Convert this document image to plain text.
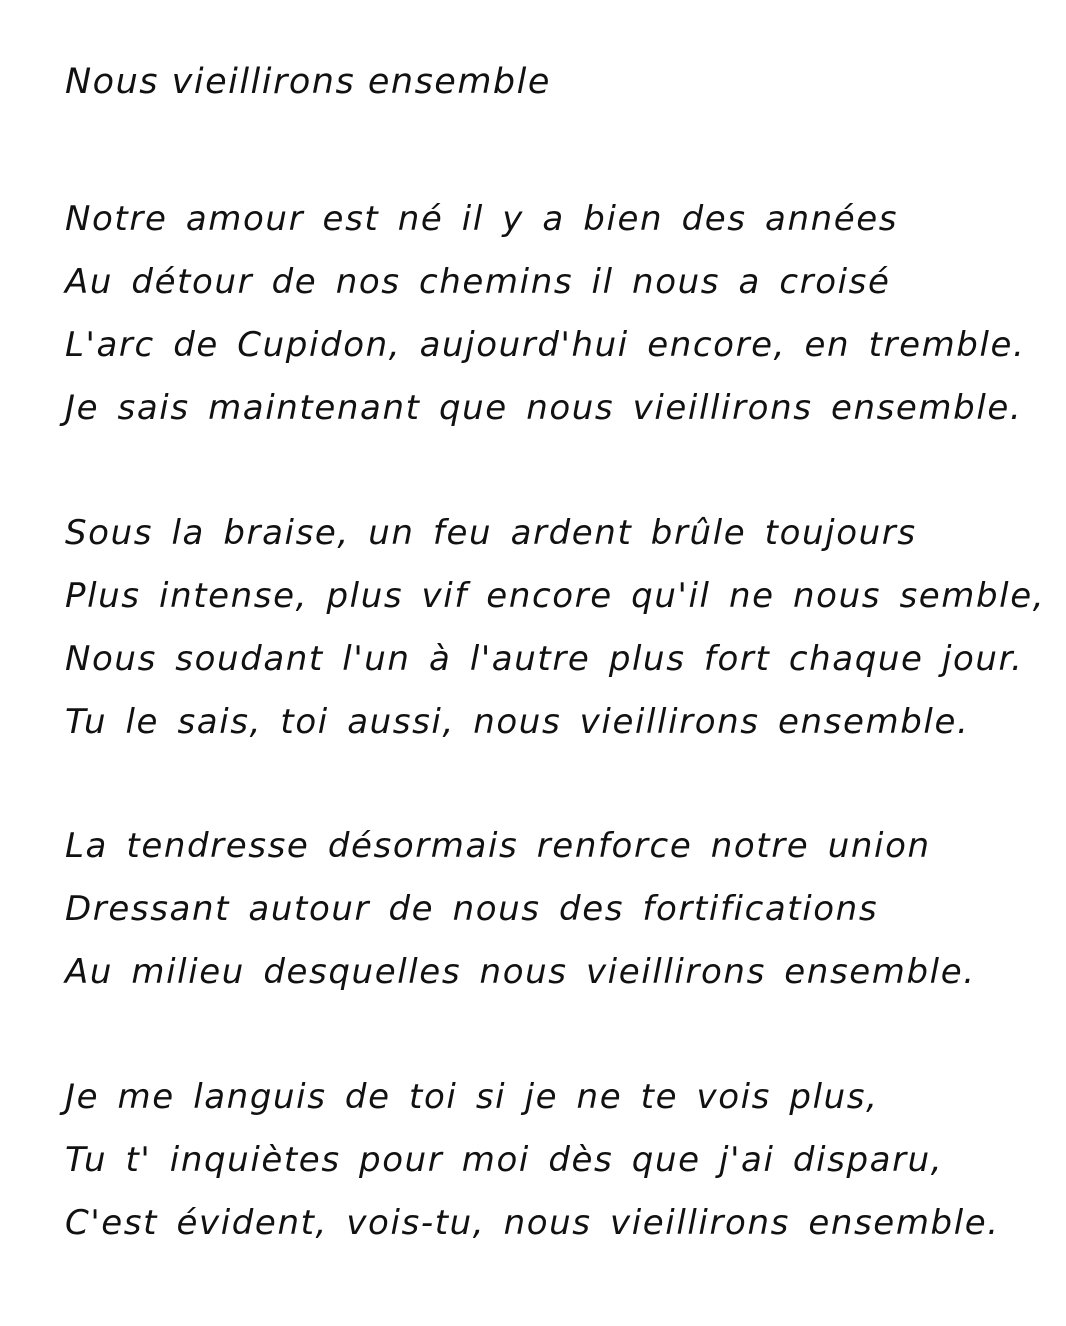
Nous vieillirons ensemble
Notre amour est né il y a bien des années
Au détour de nos chemins il nous a croisé
L'arc de Cupidon, aujourd'hui encore, en tremble.
Je sais maintenant que nous vieillirons ensemble.
Sous la braise, un feu ardent brûle toujours
Plus intense, plus vif encore qu'il ne nous semble,
Nous soudant l'un à l'autre plus fort chaque jour.
Tu le sais, toi aussi, nous vieillirons ensemble.
La tendresse désormais renforce notre union
Dressant autour de nous des fortifications
Au milieu desquelles nous vieillirons ensemble.
Je me languis de toi si je ne te vois plus,
Tu t' inquiètes pour moi dès que j'ai disparu,
C'est évident, vois-tu, nous vieillirons ensemble.
